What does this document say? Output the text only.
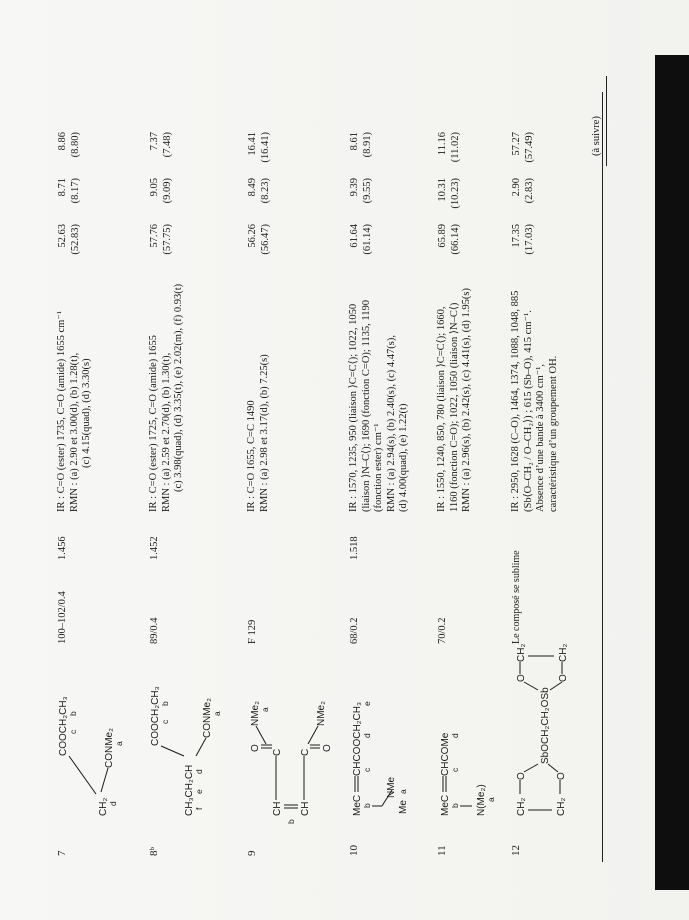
7
COOCH₂CH₃ c
b
CH₂ d
CONMe₂ a
100–102/0.4
1.456
IR : C=O (ester) 1735, C=O (amide) 1655 cm⁻¹ RMN : (a) 2.90 et 3.00(d), (b) 1.28(t), (c) 4.15(quad), (d) 3.30(s)
52.63
8.71
8.86
(52.83)
(8.17)
(8.80)
8ᵇ
COOCH₂CH₃ c
b
CH₃CH₂CH f
e
d
CONMe₂ a
89/0.4
1.452
IR : C=O (ester) 1725, C=O (amide) 1655 RMN : (a) 2.59 et 2.70(d), (b) 1.30(t), (c) 3.98(quad), (d) 3.35(t), (e) 2.02(m), (f) 0.93(t)
57.76
9.05
7.37
(57.75)
(9.09)
(7.48)
9
O
NMe₂ a
CH
C
b
CH
C
O
NMe₂
F 129
IR : C=O 1655, C=C 1490 RMN : (a) 2.98 et 3.17(d), (b) 7.25(s)
56.26
8.49
16.41
(56.47)
(8.23)
(16.41)
10
MeC
CHCOOCH₂CH₃
b
c
d
e
NMe
Me
a
68/0.2
1.518
IR : 1570, 1235, 950 (liaison ⟩C=C⟨); 1022, 1050 (liaison ⟩N–C⟨); 1690 (fonction C=O); 1135, 1190 (fonction ester) cm⁻¹ RMN : (a) 2.94(s), (b) 2.40(s), (c) 4.47(s), (d) 4.00(quad), (e) 1.22(t)
61.64
9.39
8.61
(61.14)
(9.55)
(8.91)
11
MeC
CHCOMe
b
c
d
N(Me₂) a
70/0.2
IR : 1550, 1240, 850, 780 (liaison ⟩C=C⟨); 1660, 1160 (fonction C=O); 1022, 1050 (liaison ⟩N–C⟨) RMN : (a) 2.96(s), (b) 2.42(s), (c) 4.41(s), (d) 1.95(s)
65.89
10.31
11.16
(66.14)
(10.23)
(11.02)
12
CH₂
O
CH₂
O
SbOCH₂CH₂OSb
O
CH₂
O
CH₂
Le composé se sublime
IR : 2950, 1628 (C–O), 1464, 1374, 1088, 1048, 885 (Sb⟨O–CH₂ / O–CH₂⟩) ; 615 (Sb–O), 415 cm⁻¹. Absence d’une bande à 3400 cm⁻¹, caractéristique d’un groupement OH.
17.35
2.90
57.27
(17.03)
(2.83)
(57.49)	(à suivre)
